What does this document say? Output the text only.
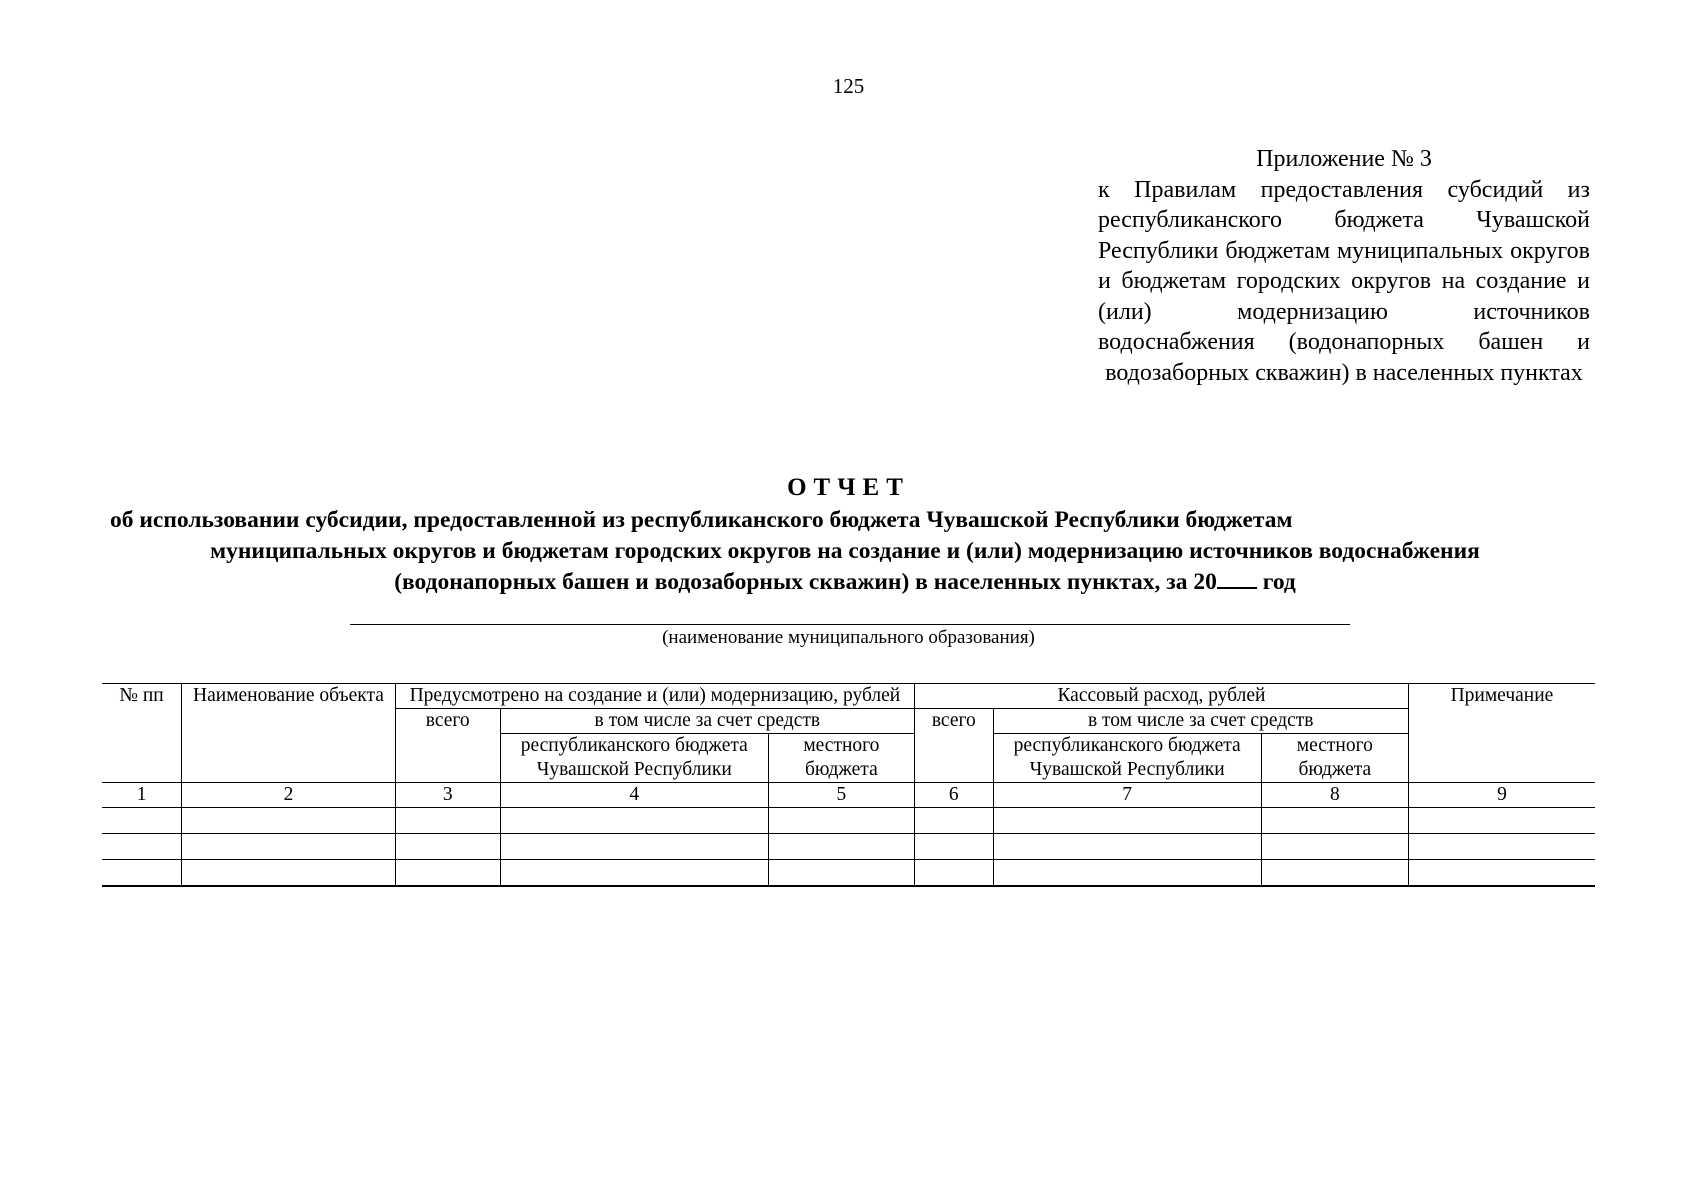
125
Приложение № 3
к Правилам предоставления субсидий из республиканского бюджета Чувашской Республики бюджетам муниципальных округов и бюджетам городских округов на создание и (или) модернизацию источников водоснабжения (водонапорных башен и водозаборных скважин) в населенных пунктах
ОТЧЕТ
об использовании субсидии, предоставленной из республиканского бюджета Чувашской Республики бюджетам
муниципальных округов и бюджетам городских округов на создание и (или) модернизацию источников водоснабжения
(водонапорных башен и водозаборных скважин) в населенных пунктах, за 20 год
(наименование муниципального образования)
№ пп	Наименование объекта	Предусмотрено на создание и (или) модернизацию, рублей			Кассовый расход, рублей			Примечание
		всего	в том числе за счет средств		всего	в том числе за счет средств		
			республиканского бюджета Чувашской Республики	местного бюджета		республиканского бюджета Чувашской Республики	местного бюджета	
1	2	3	4	5	6	7	8	9
